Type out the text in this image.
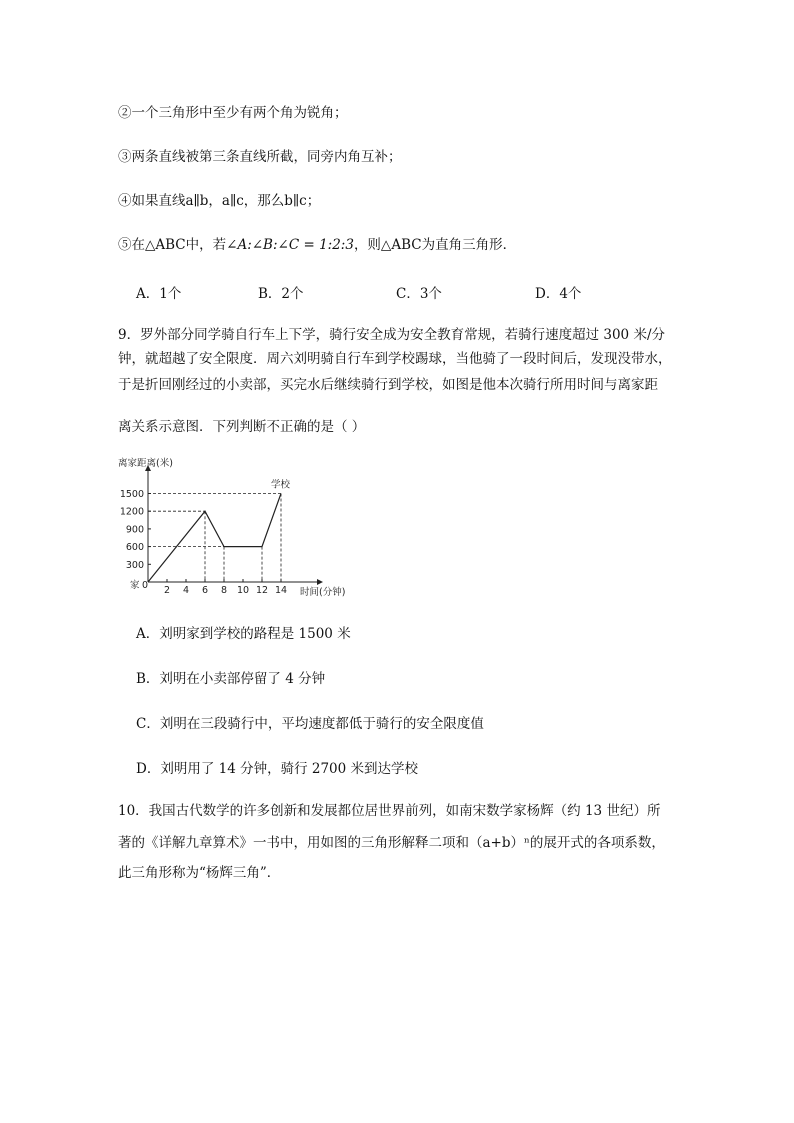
②一个三角形中至少有两个角为锐角；
③两条直线被第三条直线所截，同旁内角互补；
④如果直线a∥b，a∥c，那么b∥c；
⑤在△ABC中，若∠A:∠B:∠C = 1:2:3，则△ABC为直角三角形．
A．1个	B．2个	C．3个	D．4个
9．罗外部分同学骑自行车上下学，骑行安全成为安全教育常规，若骑行速度超过 300 米/分
钟，就超越了安全限度．周六刘明骑自行车到学校踢球，当他骑了一段时间后，发现没带水，
于是折回刚经过的小卖部，买完水后继续骑行到学校，如图是他本次骑行所用时间与离家距
离关系示意图．下列判断不正确的是（ ）
离家距离(米)
时间(分钟)
家 0 2 4 6 8 10 12 14
300
600
900
1200
1500
学校
A．刘明家到学校的路程是 1500 米
B．刘明在小卖部停留了 4 分钟
C．刘明在三段骑行中，平均速度都低于骑行的安全限度值
D．刘明用了 14 分钟，骑行 2700 米到达学校
10．我国古代数学的许多创新和发展都位居世界前列，如南宋数学家杨辉（约 13 世纪）所
著的《详解九章算术》一书中，用如图的三角形解释二项和（a+b）ⁿ的展开式的各项系数，
此三角形称为“杨辉三角”．
